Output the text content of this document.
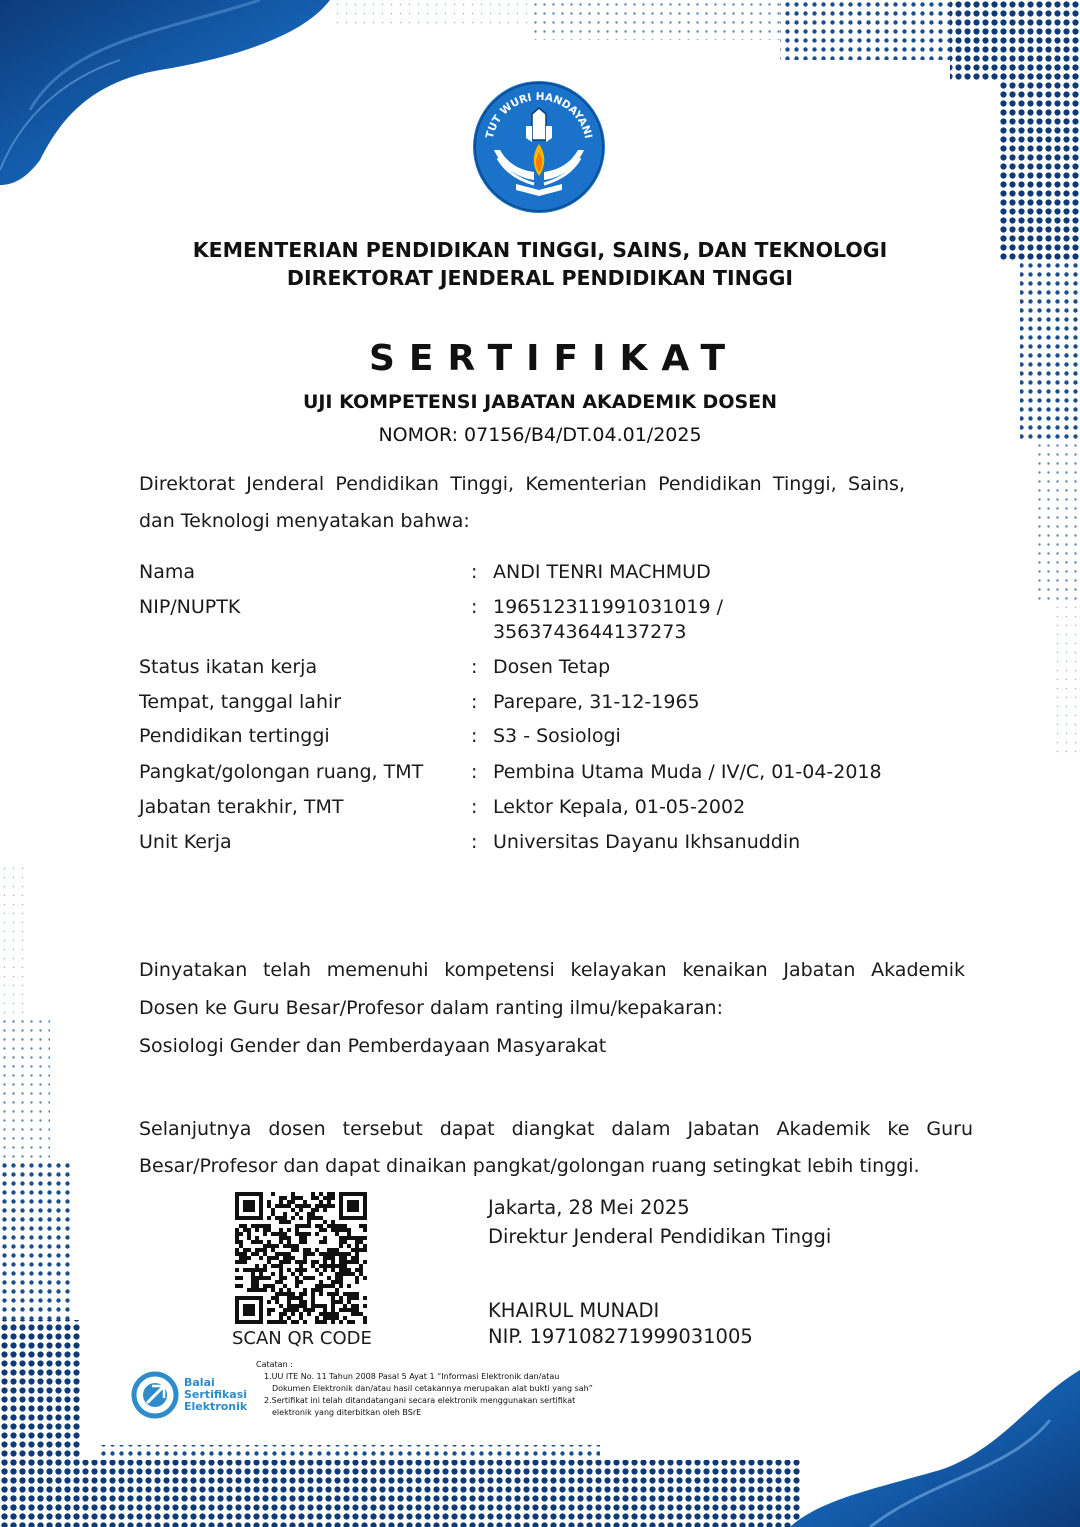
TUT WURI HANDAYANI
KEMENTERIAN PENDIDIKAN TINGGI, SAINS, DAN TEKNOLOGI
DIREKTORAT JENDERAL PENDIDIKAN TINGGI
SERTIFIKAT
UJI KOMPETENSI JABATAN AKADEMIK DOSEN
NOMOR: 07156/B4/DT.04.01/2025
Direktorat Jenderal Pendidikan Tinggi, Kementerian Pendidikan Tinggi, Sains, dan Teknologi menyatakan bahwa:
Nama	: ANDI TENRI MACHMUD
NIP/NUPTK	: 196512311991031019 /
3563743644137273
Status ikatan kerja	: Dosen Tetap
Tempat, tanggal lahir	: Parepare, 31-12-1965
Pendidikan tertinggi	: S3 - Sosiologi
Pangkat/golongan ruang, TMT	: Pembina Utama Muda / IV/C, 01-04-2018
Jabatan terakhir, TMT	: Lektor Kepala, 01-05-2002
Unit Kerja	: Universitas Dayanu Ikhsanuddin
Dinyatakan telah memenuhi kompetensi kelayakan kenaikan Jabatan Akademik
Dosen ke Guru Besar/Profesor dalam ranting ilmu/kepakaran:
Sosiologi Gender dan Pemberdayaan Masyarakat
Selanjutnya dosen tersebut dapat diangkat dalam Jabatan Akademik ke Guru
Besar/Profesor dan dapat dinaikan pangkat/golongan ruang setingkat lebih tinggi.
SCAN QR CODE
Jakarta, 28 Mei 2025
Direktur Jenderal Pendidikan Tinggi
KHAIRUL MUNADI
NIP. 197108271999031005
Balai
Sertifikasi
Elektronik
Catatan :
1.UU ITE No. 11 Tahun 2008 Pasal 5 Ayat 1 “Informasi Elektronik dan/atau
Dokumen Elektronik dan/atau hasil cetakannya merupakan alat bukti yang sah”
2.Sertifikat ini telah ditandatangani secara elektronik menggunakan sertifikat
elektronik yang diterbitkan oleh BSrE
